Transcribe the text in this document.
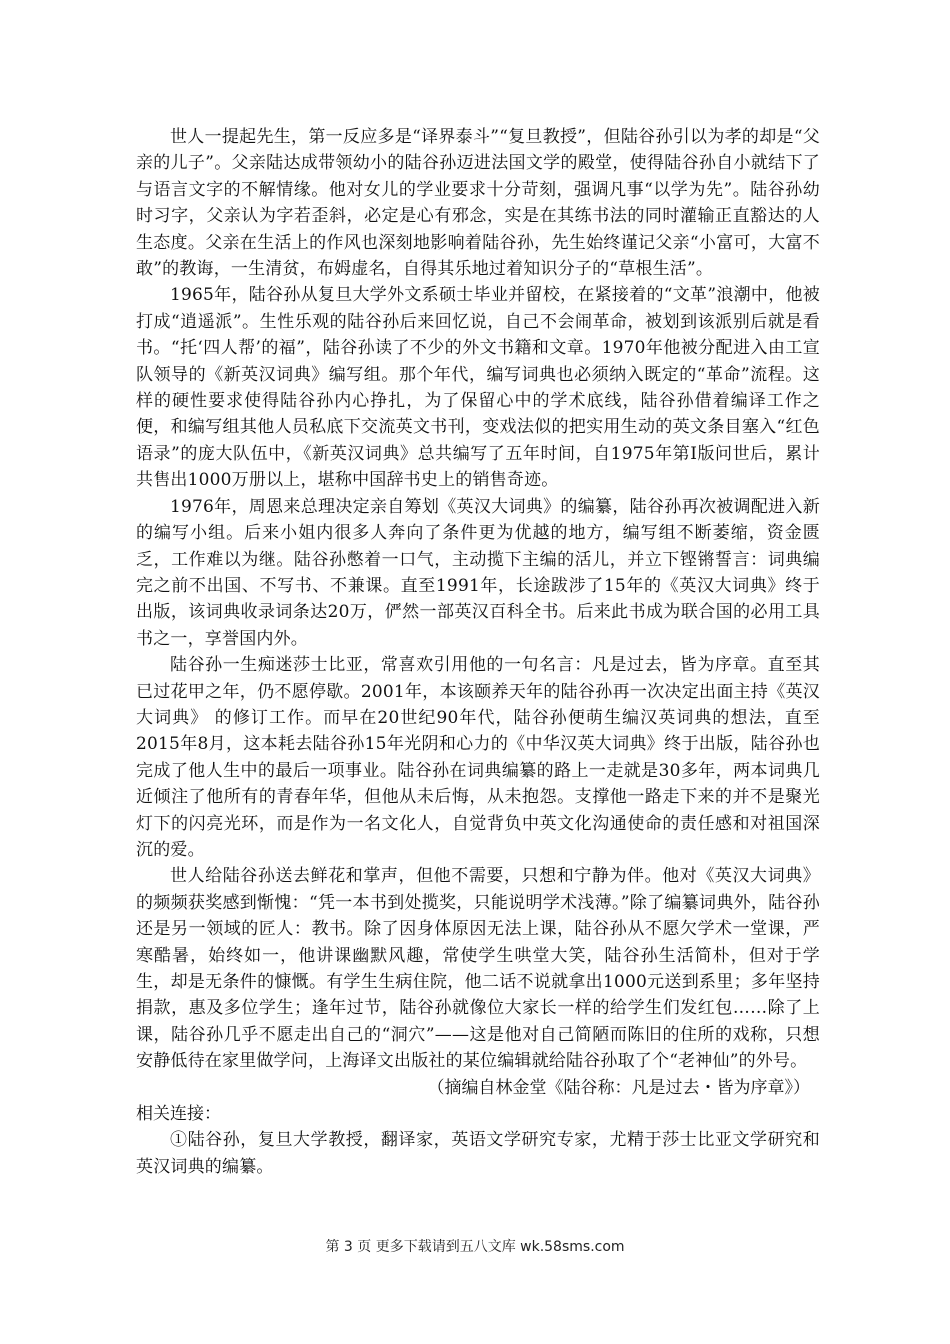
世人一提起先生，第一反应多是“译界泰斗”“复旦教授”，但陆谷孙引以为孝的却是“父亲的儿子”。父亲陆达成带领幼小的陆谷孙迈进法国文学的殿堂，使得陆谷孙自小就结下了与语言文字的不解情缘。他对女儿的学业要求十分苛刻，强调凡事“以学为先”。陆谷孙幼时习字，父亲认为字若歪斜，必定是心有邪念，实是在其练书法的同时灌输正直豁达的人生态度。父亲在生活上的作风也深刻地影响着陆谷孙，先生始终谨记父亲“小富可，大富不敢”的教诲，一生清贫，布姆虚名，自得其乐地过着知识分子的“草根生活”。

1965年，陆谷孙从复旦大学外文系硕士毕业并留校，在紧接着的“文革”浪潮中，他被打成“逍遥派”。生性乐观的陆谷孙后来回忆说，自己不会闹革命，被划到该派别后就是看书。“托‘四人帮’的福”，陆谷孙读了不少的外文书籍和文章。1970年他被分配进入由工宣队领导的《新英汉词典》编写组。那个年代，编写词典也必须纳入既定的“革命”流程。这样的硬性要求使得陆谷孙内心挣扎，为了保留心中的学术底线，陆谷孙借着编译工作之便，和编写组其他人员私底下交流英文书刊，变戏法似的把实用生动的英文条目塞入“红色语录”的庞大队伍中，《新英汉词典》总共编写了五年时间，自1975年第Ⅰ版问世后，累计共售出1000万册以上，堪称中国辞书史上的销售奇迹。

1976年，周恩来总理决定亲自筹划《英汉大词典》的编纂，陆谷孙再次被调配进入新的编写小组。后来小姐内很多人奔向了条件更为优越的地方，编写组不断萎缩，资金匮乏，工作难以为继。陆谷孙憋着一口气，主动揽下主编的活儿，并立下铿锵誓言：词典编完之前不出国、不写书、不兼课。直至1991年，长途跋涉了15年的《英汉大词典》终于出版，该词典收录词条达20万，俨然一部英汉百科全书。后来此书成为联合国的必用工具书之一，享誉国内外。

陆谷孙一生痴迷莎士比亚，常喜欢引用他的一句名言：凡是过去，皆为序章。直至其已过花甲之年，仍不愿停歇。2001年，本该颐养天年的陆谷孙再一次决定出面主持《英汉大词典》 的修订工作。而早在20世纪90年代，陆谷孙便萌生编汉英词典的想法，直至2015年8月，这本耗去陆谷孙15年光阴和心力的《中华汉英大词典》终于出版，陆谷孙也完成了他人生中的最后一项事业。陆谷孙在词典编纂的路上一走就是30多年，两本词典几近倾注了他所有的青春年华，但他从未后悔，从未抱怨。支撑他一路走下来的并不是聚光灯下的闪亮光环，而是作为一名文化人，自觉背负中英文化沟通使命的责任感和对祖国深沉的爱。

世人给陆谷孙送去鲜花和掌声，但他不需要，只想和宁静为伴。他对《英汉大词典》的频频获奖感到惭愧：“凭一本书到处揽奖，只能说明学术浅薄。”除了编纂词典外，陆谷孙还是另一领域的匠人：教书。除了因身体原因无法上课，陆谷孙从不愿欠学术一堂课，严寒酷暑，始终如一，他讲课幽默风趣，常使学生哄堂大笑，陆谷孙生活简朴，但对于学生，却是无条件的慷慨。有学生生病住院，他二话不说就拿出1000元送到系里；多年坚持捐款，惠及多位学生；逢年过节，陆谷孙就像位大家长一样的给学生们发红包……除了上课，陆谷孙几乎不愿走出自己的“洞穴”——这是他对自己简陋而陈旧的住所的戏称，只想安静低待在家里做学问，上海译文出版社的某位编辑就给陆谷孙取了个“老神仙”的外号。

（摘编自林金堂《陆谷称：凡是过去・皆为序章》）

相关连接：

①陆谷孙，复旦大学教授，翻译家，英语文学研究专家，尤精于莎士比亚文学研究和英汉词典的编纂。

第 3 页 更多下载请到五八文库 wk.58sms.com
